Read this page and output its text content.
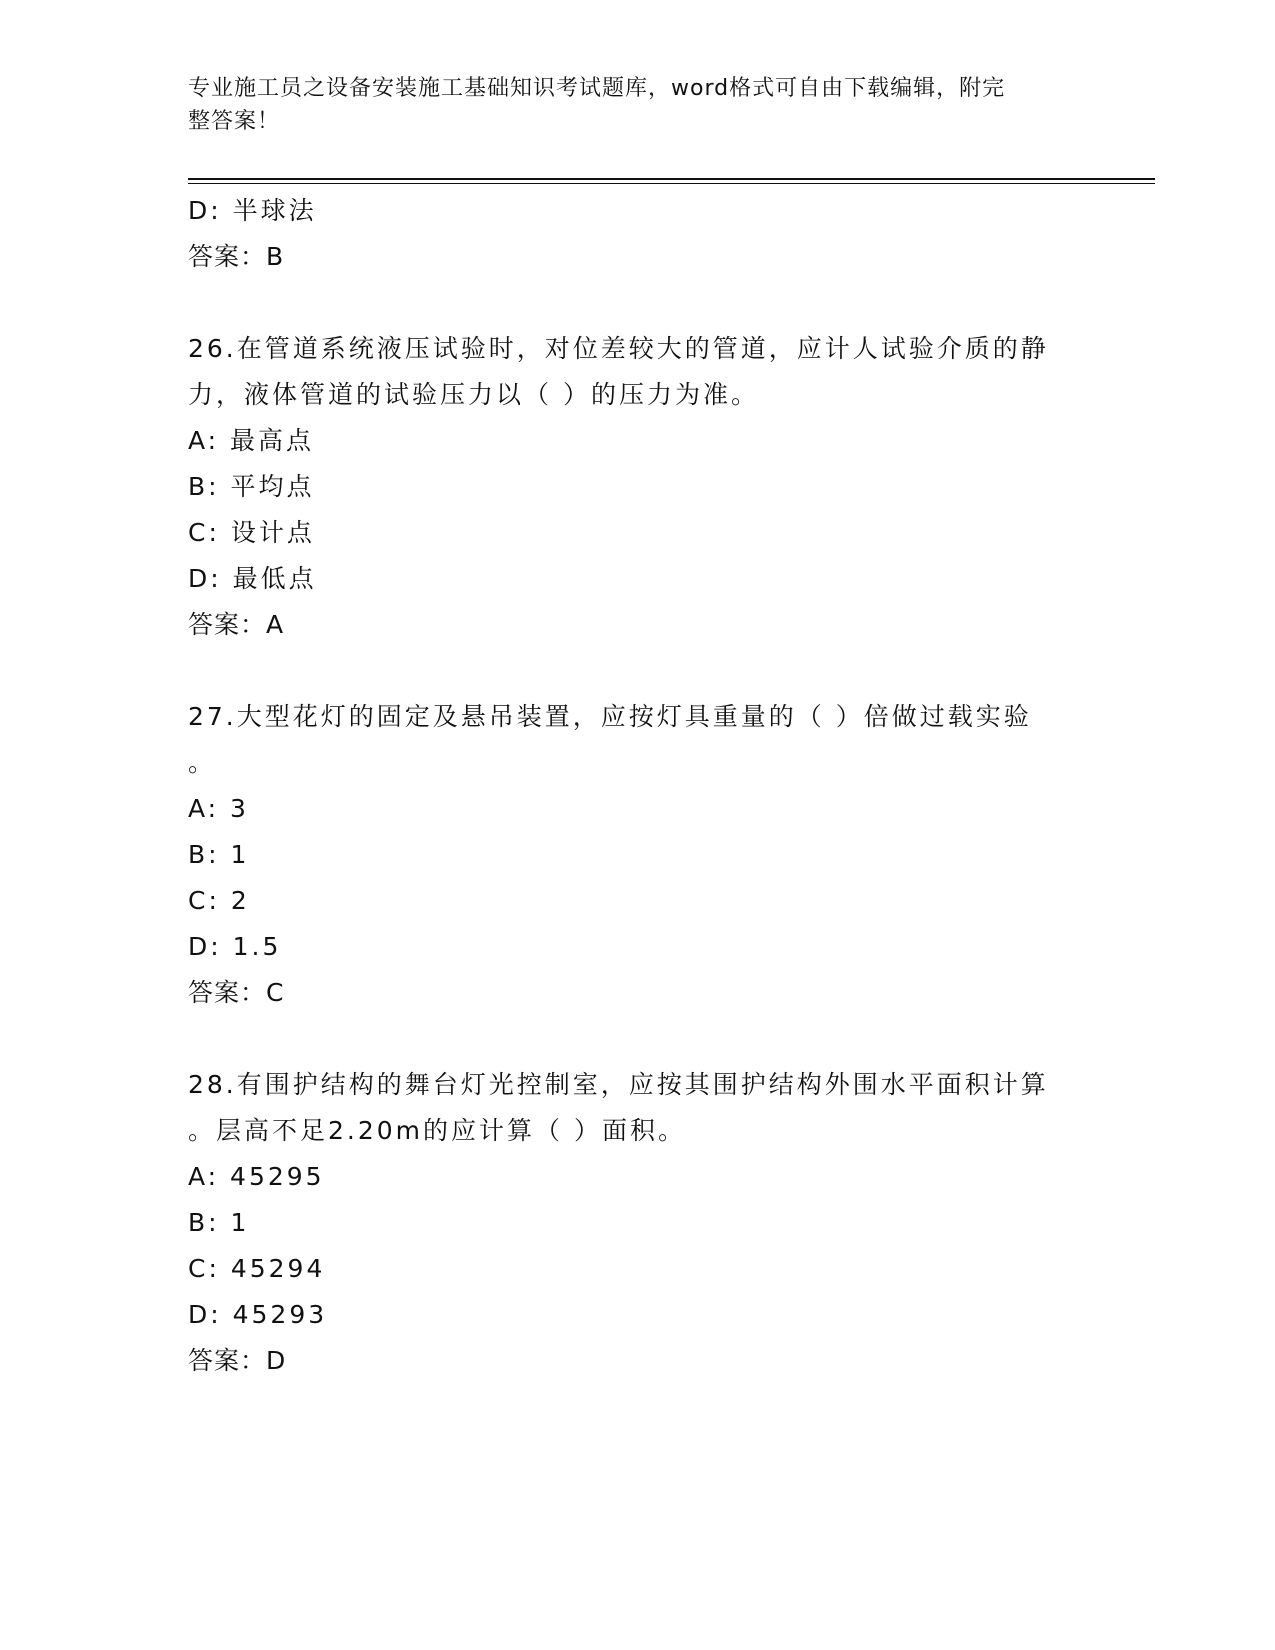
专业施工员之设备安装施工基础知识考试题库，word格式可自由下载编辑，附完
整答案！
D: 半球法
答案：B
26.在管道系统液压试验时，对位差较大的管道，应计人试验介质的静
力，液体管道的试验压力以（ ）的压力为准。
A: 最高点
B: 平均点
C: 设计点
D: 最低点
答案：A
27.大型花灯的固定及悬吊装置，应按灯具重量的（ ）倍做过载实验
。
A: 3
B: 1
C: 2
D: 1.5
答案：C
28.有围护结构的舞台灯光控制室，应按其围护结构外围水平面积计算
。层高不足2.20m的应计算（ ）面积。
A: 45295
B: 1
C: 45294
D: 45293
答案：D
